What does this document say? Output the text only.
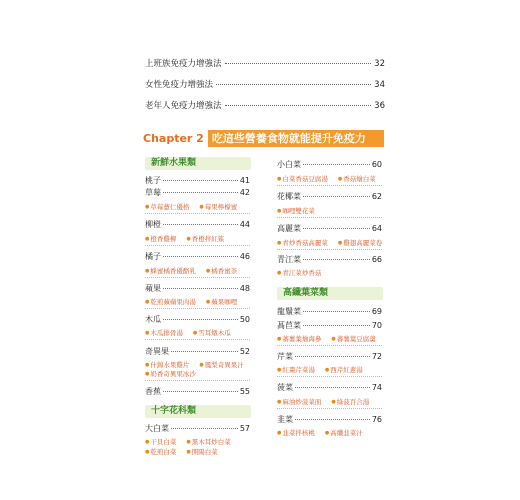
上班族免疫力增強法	32
女性免疫力增強法	34
老年人免疫力增強法	36
Chapter 2 吃這些營養食物就能提升免疫力
新鮮水果類
桃子	41
草莓	42
● 草莓薏仁優格	● 莓果檸檬蜜
柳橙	44
● 橙香雞柳	● 香橙拌紅鯊
橘子	46
● 蜂蜜橘香優酪乳	● 橘香蜜茶
蘋果	48
● 乾煎蘋蘋果肉湯	● 蘋果咖哩
木瓜	50
● 木瓜排骨湯	● 雪耳燉木瓜
奇異果	52
● 什錦水果雞片	● 鳳梨奇異果汁
● 奶香奇異果冰沙
香蕉	55
十字花科類
大白菜	57
● 干貝白菜	● 黑木耳炒白菜
● 乾煎白菜	● 開陽白菜
小白菜	60
● 白菜香菇豆腐湯	● 香菇燴白菜
花椰菜	62
● 咖哩雙花菜
高麗菜	64
● 青炒香菇高麗菜	● 雞翅高麗菜卷
青江菜	66
● 青江菜炒香菇
高纖葉菜類
龍鬚菜	69
萵苣菜	70
● 蕃薯葉燴海參	● 蕃薯葉豆腐羹
芹菜	72
● 紅棗芹菜湯	● 西芹紅蔥湯
菠菜	74
● 麻油炒菠菜面	● 綠菠百合湯
韭菜	76
● 韭菜拌核桃	● 高纖韭菜汁
